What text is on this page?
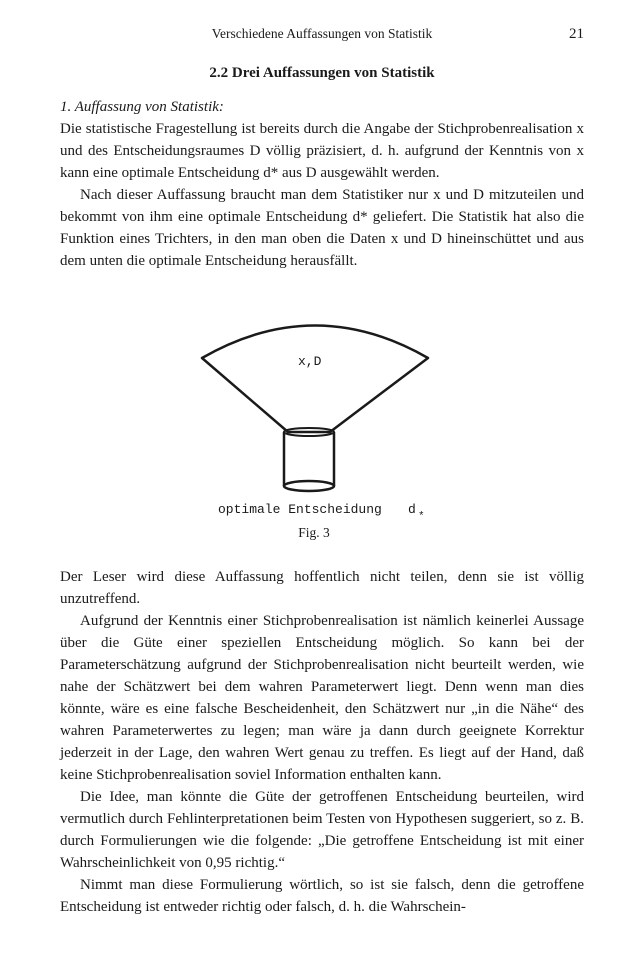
Verschiedene Auffassungen von Statistik	21
2.2 Drei Auffassungen von Statistik
1. Auffassung von Statistik:

Die statistische Fragestellung ist bereits durch die Angabe der Stichprobenrealisation x und des Entscheidungsraumes D völlig präzisiert, d. h. aufgrund der Kenntnis von x kann eine optimale Entscheidung d* aus D ausgewählt werden.

Nach dieser Auffassung braucht man dem Statistiker nur x und D mitzuteilen und bekommt von ihm eine optimale Entscheidung d* geliefert. Die Statistik hat also die Funktion eines Trichters, in den man oben die Daten x und D hineinschüttet und aus dem unten die optimale Entscheidung herausfällt.

x,D
optimale Entscheidung d *
Fig. 3

Der Leser wird diese Auffassung hoffentlich nicht teilen, denn sie ist völlig unzutreffend.

Aufgrund der Kenntnis einer Stichprobenrealisation ist nämlich keinerlei Aussage über die Güte einer speziellen Entscheidung möglich. So kann bei der Parameterschätzung aufgrund der Stichprobenrealisation nicht beurteilt werden, wie nahe der Schätzwert bei dem wahren Parameterwert liegt. Denn wenn man dies könnte, wäre es eine falsche Bescheidenheit, den Schätzwert nur „in die Nähe“ des wahren Parameterwertes zu legen; man wäre ja dann durch geeignete Korrektur jederzeit in der Lage, den wahren Wert genau zu treffen. Es liegt auf der Hand, daß keine Stichprobenrealisation soviel Information enthalten kann.

Die Idee, man könnte die Güte der getroffenen Entscheidung beurteilen, wird vermutlich durch Fehlinterpretationen beim Testen von Hypothesen suggeriert, so z. B. durch Formulierungen wie die folgende: „Die getroffene Entscheidung ist mit einer Wahrscheinlichkeit von 0,95 richtig.“

Nimmt man diese Formulierung wörtlich, so ist sie falsch, denn die getroffene Entscheidung ist entweder richtig oder falsch, d. h. die Wahrschein-
